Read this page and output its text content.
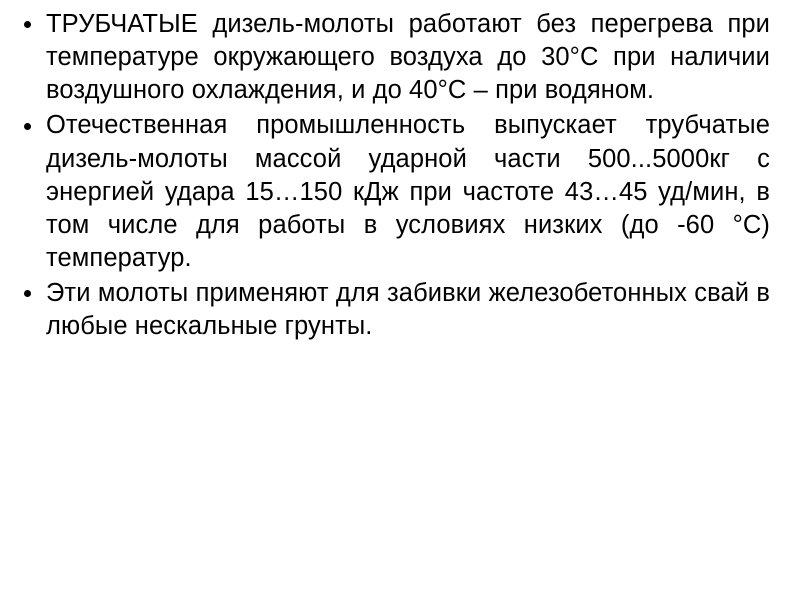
ТРУБЧАТЫЕ дизель-молоты работают без перегрева при температуре окружающего воздуха до 30°C при наличии воздушного охлаждения, и до 40°C – при водяном.
Отечественная промышленность выпускает трубчатые дизель-молоты массой ударной части 500...5000кг с энергией удара 15…150 кДж при частоте 43…45 уд/мин, в том числе для работы в условиях низких (до -60 °C) температур.
Эти молоты применяют для забивки железобетонных свай в любые нескальные грунты.
